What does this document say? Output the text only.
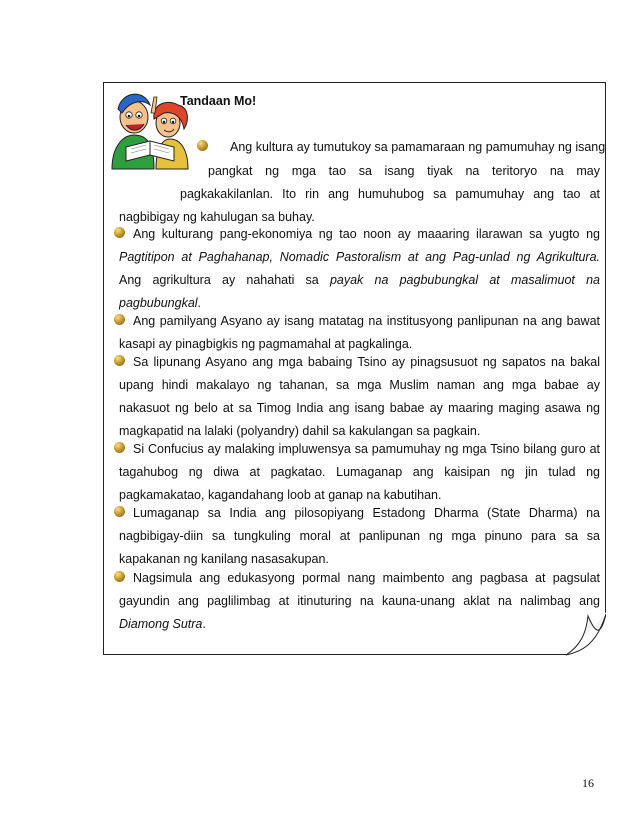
Tandaan Mo!
Ang kultura ay tumutukoy sa pamamaraan ng pamumuhay ng isang
pangkat ng mga tao sa isang tiyak na teritoryo na may
pagkakakilanlan. Ito rin ang humuhubog sa pamumuhay ang tao at
nagbibigay ng kahulugan sa buhay.
Ang kulturang pang-ekonomiya ng tao noon ay maaaring ilarawan sa yugto ng
Pagtitipon at Paghahanap, Nomadic Pastoralism at ang Pag-unlad ng Agrikultura.
Ang agrikultura ay nahahati sa payak na pagbubungkal at masalimuot na
pagbubungkal.
Ang pamilyang Asyano ay isang matatag na institusyong panlipunan na ang bawat
kasapi ay pinagbigkis ng pagmamahal at pagkalinga.
Sa lipunang Asyano ang mga babaing Tsino ay pinagsusuot ng sapatos na bakal
upang hindi makalayo ng tahanan, sa mga Muslim naman ang mga babae ay
nakasuot ng belo at sa Timog India ang isang babae ay maaring maging asawa ng
magkapatid na lalaki (polyandry) dahil sa kakulangan sa pagkain.
Si Confucius ay malaking impluwensya sa pamumuhay ng mga Tsino bilang guro at
tagahubog ng diwa at pagkatao. Lumaganap ang kaisipan ng jin tulad ng
pagkamakatao, kagandahang loob at ganap na kabutihan.
Lumaganap sa India ang pilosopiyang Estadong Dharma (State Dharma) na
nagbibigay-diin sa tungkuling moral at panlipunan ng mga pinuno para sa sa
kapakanan ng kanilang nasasakupan.
Nagsimula ang edukasyong pormal nang maimbento ang pagbasa at pagsulat
gayundin ang paglilimbag at itinuturing na kauna-unang aklat na nalimbag ang
Diamong Sutra.
16
